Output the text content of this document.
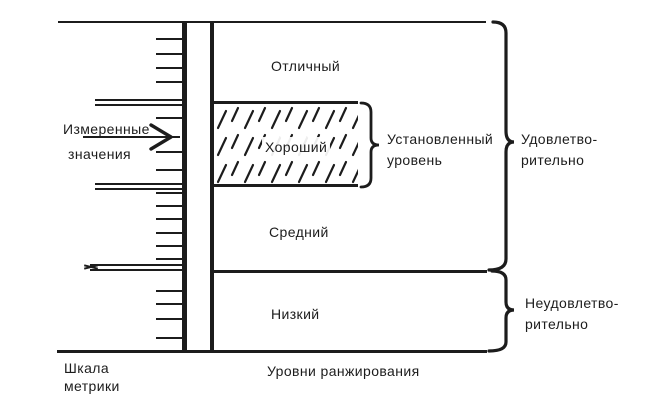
Отличный
Хороший
Средний
Низкий
Измеренные
значения
Установленный
уровень
Удовлетво-
рительно
Неудовлетво-
рительно
Шкала
метрики
Уровни ранжирования
